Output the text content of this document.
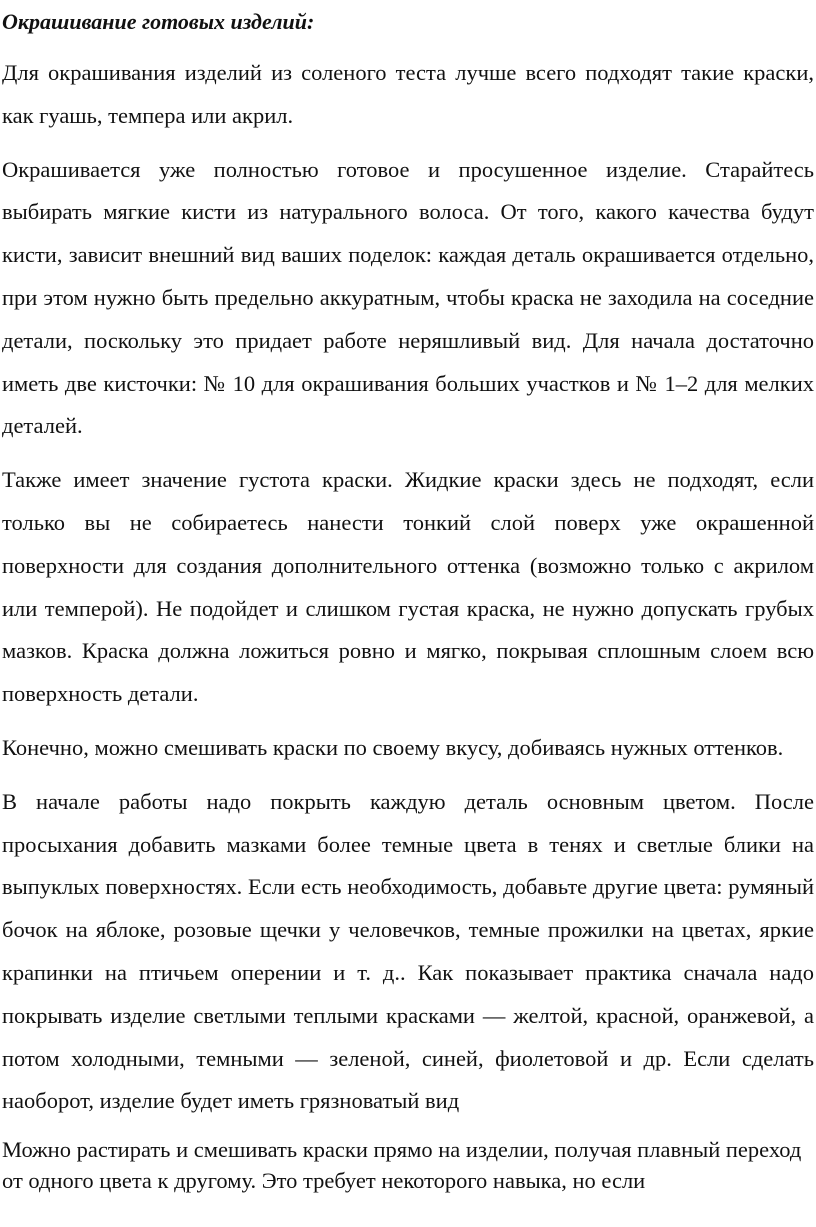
Окрашивание готовых изделий:

Для окрашивания изделий из соленого теста лучше всего подходят такие краски, как гуашь, темпера или акрил.

Окрашивается уже полностью готовое и просушенное изделие. Старайтесь выбирать мягкие кисти из натурального волоса. От того, какого качества будут кисти, зависит внешний вид ваших поделок: каждая деталь окрашивается отдельно, при этом нужно быть предельно аккуратным, чтобы краска не заходила на соседние детали, поскольку это придает работе неряшливый вид. Для начала достаточно иметь две кисточки: № 10 для окрашивания больших участков и № 1–2 для мелких деталей.

Также имеет значение густота краски. Жидкие краски здесь не подходят, если только вы не собираетесь нанести тонкий слой поверх уже окрашенной поверхности для создания дополнительного оттенка (возможно только с акрилом или темперой). Не подойдет и слишком густая краска, не нужно допускать грубых мазков. Краска должна ложиться ровно и мягко, покрывая сплошным слоем всю поверхность детали.

Конечно, можно смешивать краски по своему вкусу, добиваясь нужных оттенков.

В начале работы надо покрыть каждую деталь основным цветом. После просыхания добавить мазками более темные цвета в тенях и светлые блики на выпуклых поверхностях. Если есть необходимость, добавьте другие цвета: румяный бочок на яблоке, розовые щечки у человечков, темные прожилки на цветах, яркие крапинки на птичьем оперении и т. д.. Как показывает практика сначала надо покрывать изделие светлыми теплыми красками — желтой, красной, оранжевой, а потом холодными, темными — зеленой, синей, фиолетовой и др. Если сделать наоборот, изделие будет иметь грязноватый вид

Можно растирать и смешивать краски прямо на изделии, получая плавный переход от одного цвета к другому. Это требует некоторого навыка, но если
